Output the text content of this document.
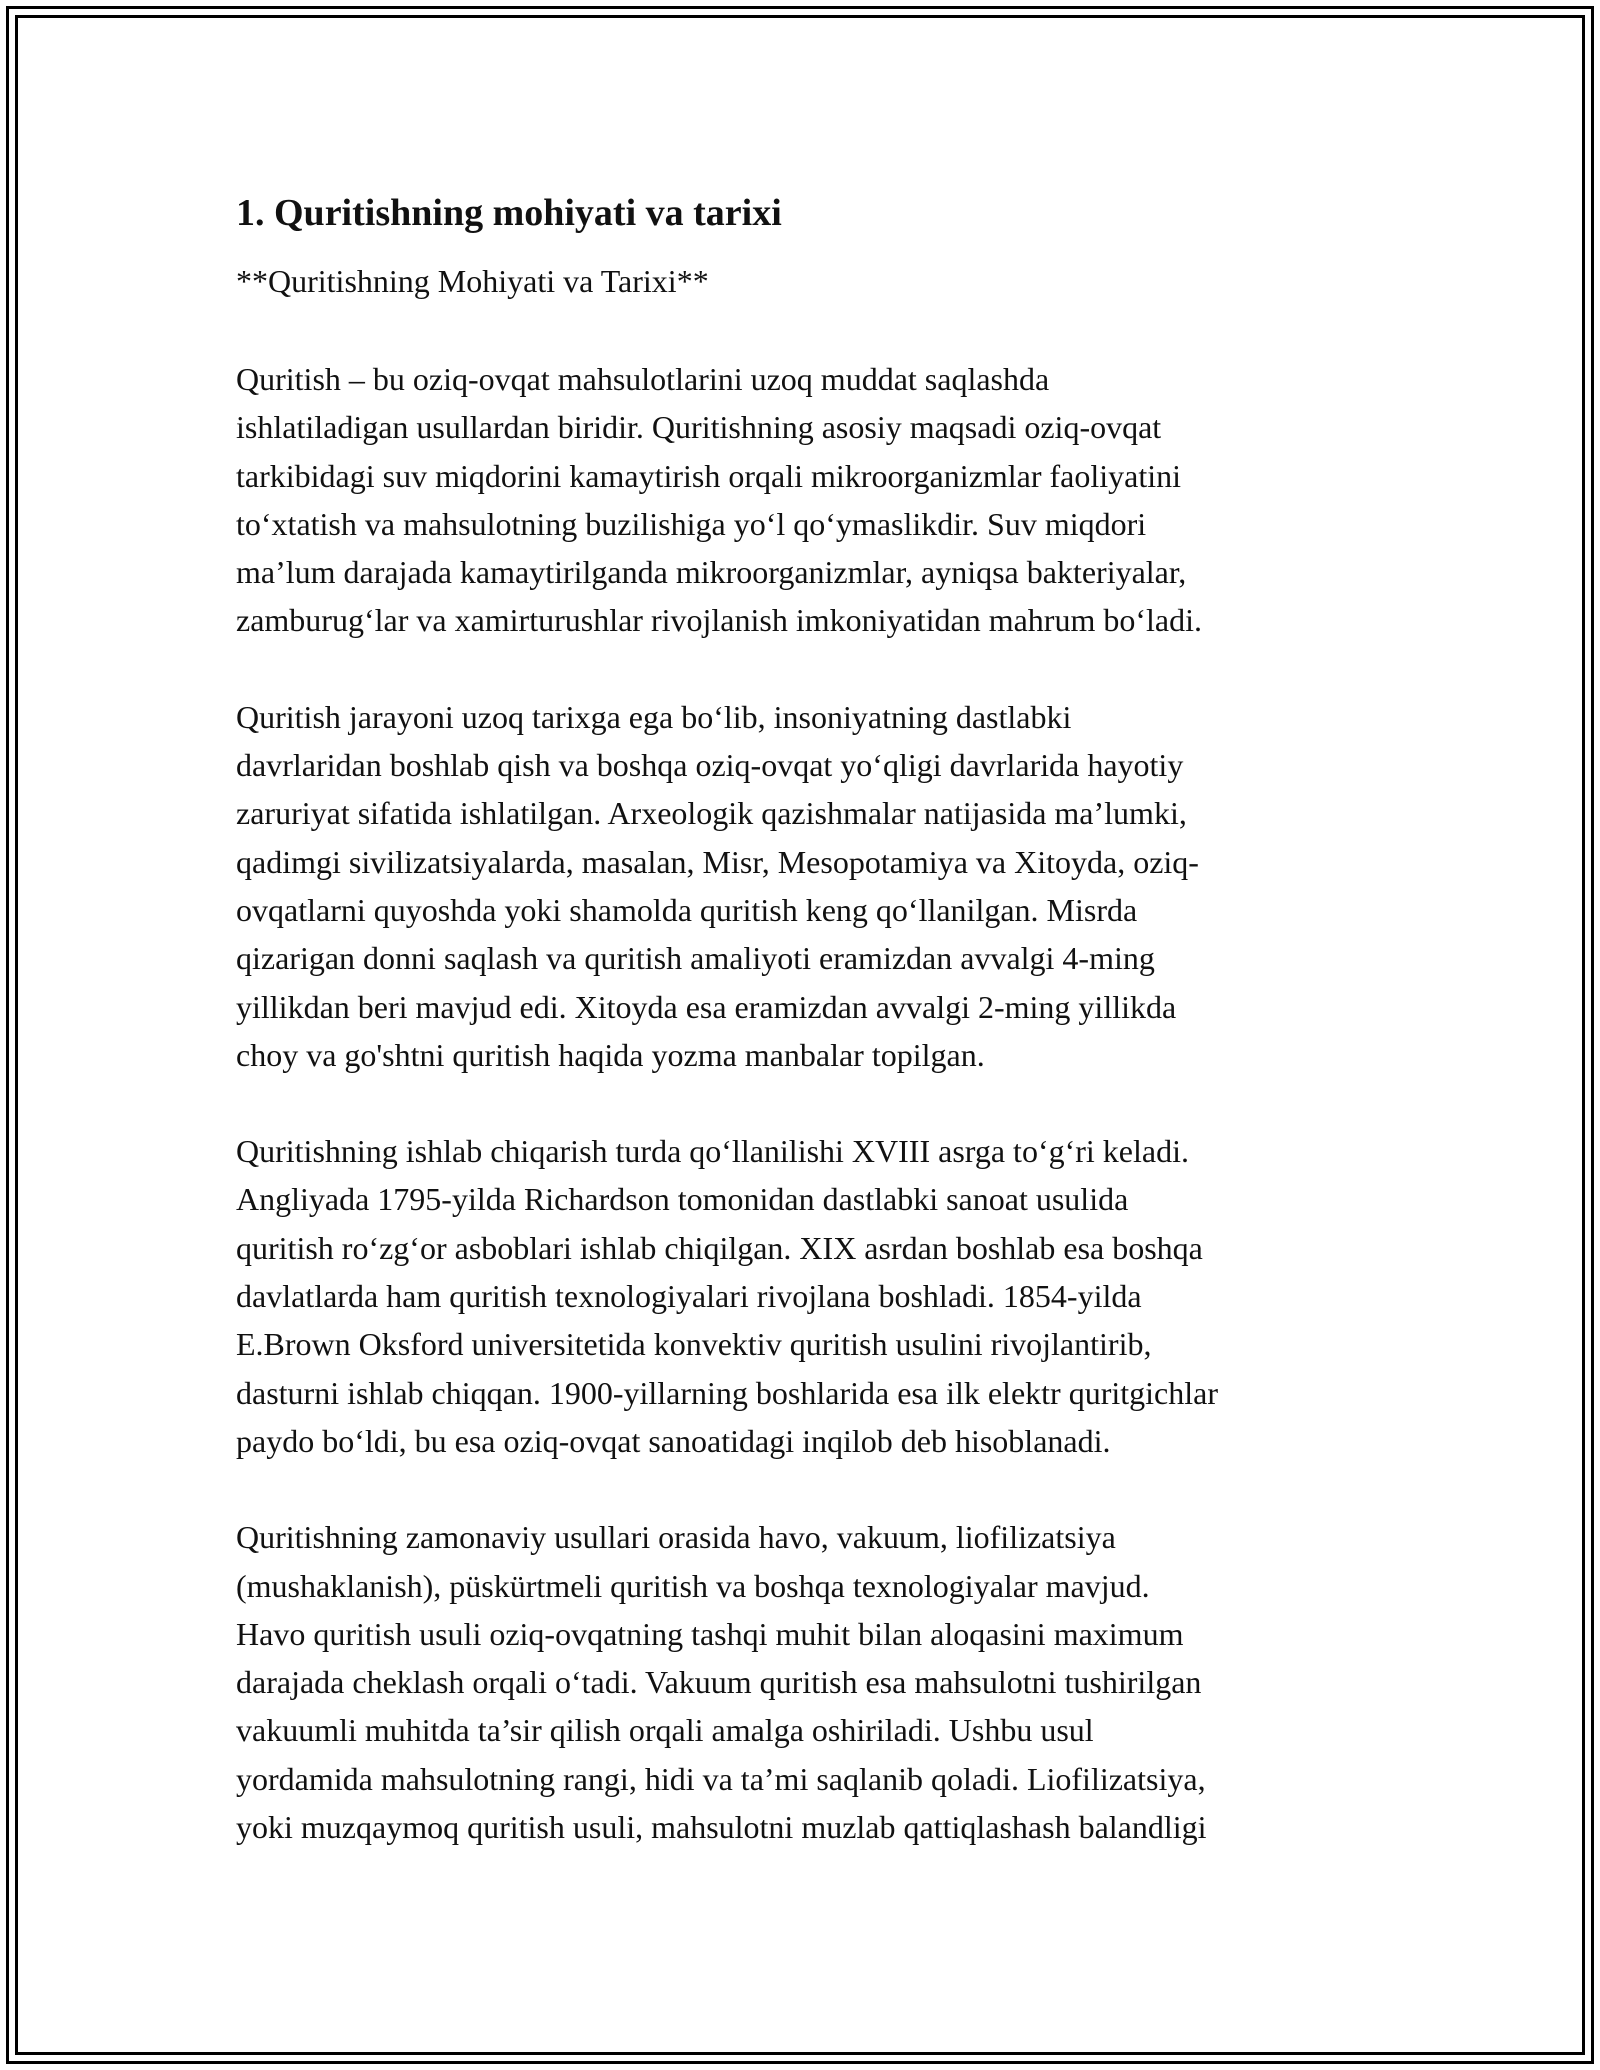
1. Quritishning mohiyati va tarixi

**Quritishning Mohiyati va Tarixi**

Quritish – bu oziq-ovqat mahsulotlarini uzoq muddat saqlashda
ishlatiladigan usullardan biridir. Quritishning asosiy maqsadi oziq-ovqat
tarkibidagi suv miqdorini kamaytirish orqali mikroorganizmlar faoliyatini
to‘xtatish va mahsulotning buzilishiga yo‘l qo‘ymaslikdir. Suv miqdori
ma’lum darajada kamaytirilganda mikroorganizmlar, ayniqsa bakteriyalar,
zamburug‘lar va xamirturushlar rivojlanish imkoniyatidan mahrum bo‘ladi.

Quritish jarayoni uzoq tarixga ega bo‘lib, insoniyatning dastlabki
davrlaridan boshlab qish va boshqa oziq-ovqat yo‘qligi davrlarida hayotiy
zaruriyat sifatida ishlatilgan. Arxeologik qazishmalar natijasida ma’lumki,
qadimgi sivilizatsiyalarda, masalan, Misr, Mesopotamiya va Xitoyda, oziq-
ovqatlarni quyoshda yoki shamolda quritish keng qo‘llanilgan. Misrda
qizarigan donni saqlash va quritish amaliyoti eramizdan avvalgi 4-ming
yillikdan beri mavjud edi. Xitoyda esa eramizdan avvalgi 2-ming yillikda
choy va go'shtni quritish haqida yozma manbalar topilgan.

Quritishning ishlab chiqarish turda qo‘llanilishi XVIII asrga to‘g‘ri keladi.
Angliyada 1795-yilda Richardson tomonidan dastlabki sanoat usulida
quritish ro‘zg‘or asboblari ishlab chiqilgan. XIX asrdan boshlab esa boshqa
davlatlarda ham quritish texnologiyalari rivojlana boshladi. 1854-yilda
E.Brown Oksford universitetida konvektiv quritish usulini rivojlantirib,
dasturni ishlab chiqqan. 1900-yillarning boshlarida esa ilk elektr quritgichlar
paydo bo‘ldi, bu esa oziq-ovqat sanoatidagi inqilob deb hisoblanadi.

Quritishning zamonaviy usullari orasida havo, vakuum, liofilizatsiya
(mushaklanish), püskürtmeli quritish va boshqa texnologiyalar mavjud.
Havo quritish usuli oziq-ovqatning tashqi muhit bilan aloqasini maximum
darajada cheklash orqali o‘tadi. Vakuum quritish esa mahsulotni tushirilgan
vakuumli muhitda ta’sir qilish orqali amalga oshiriladi. Ushbu usul
yordamida mahsulotning rangi, hidi va ta’mi saqlanib qoladi. Liofilizatsiya,
yoki muzqaymoq quritish usuli, mahsulotni muzlab qattiqlashash balandligi
